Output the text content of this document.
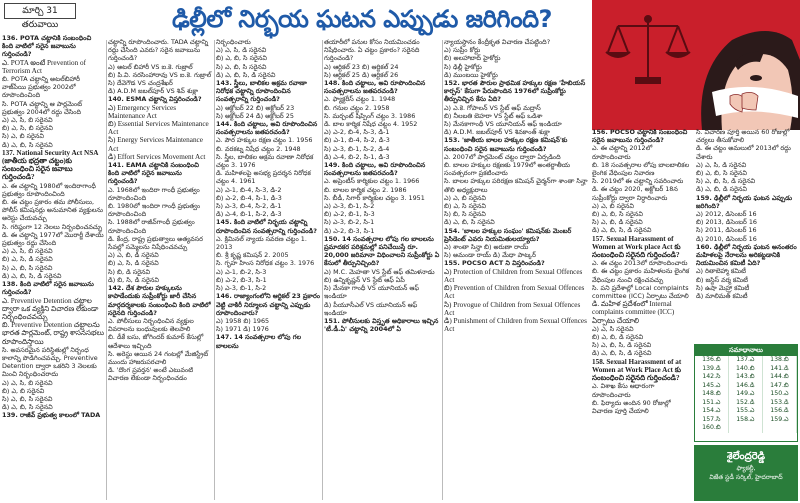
మార్చి 31 తరువాయి	ఢిల్లీలో నిర్భయ ఘటన ఎప్పుడు జరిగింది?

136. POTA చట్టానికి సంబంధించి కింది వాటిలో సరైన జవాబును గుర్తించండి?

ఎ. POTA అంటే Prevention of Terrorism Act

బి. POTA చట్టాన్ని అటల్‌బిహారీ వాజ్‌పేయి ప్రభుత్వం 2002లో రూపొందించింది

సి. POTA చట్టాన్ని ఆ పార్లమెంట్‌ ప్రభుత్వం 2004లో రద్దు చేసింది

ఎ) ఎ, సి, బి సరైనవి

బి) ఎ, సి, బి సరైనవి

సి) ఎ, బి సరైనవి

డి) ఎ, బి, సి సరైనవి

137. National Security Act NSA (జాతీయ భద్రతా చట్టం)కు సంబంధించి సరైన జవాబు గుర్తించండి?

ఎ. ఈ చట్టాన్ని 1980లో ఇందిరాగాంధీ ప్రభుత్వం రూపొందించింది

బి. ఈ చట్టం ప్రకారం తమ పోలీసులు, పోలీస్‌ కమిషనర్లు అనుమానిత వ్యక్తులను అరెస్టు చేయవచ్చు

సి. గరిష్ఠంగా 12 నెలలు నిర్బంధించవచ్చు

డి. ఈ చట్టాన్ని 1977లో మొరార్జీ దేశాయ్‌ ప్రభుత్వం రద్దు చేసింది

ఎ) ఎ, సి, బి సరైనవి

బి) ఎ, సి, డి సరైనవి

సి) ఎ, బి, సి సరైనవి

డి) ఎ, బి, సి, డి సరైనవి

138. కింది వాటిలో సరైన జవాబును గుర్తించండి?

ఎ. Preventive Detention చట్టాల ద్వారా ఒక వ్యక్తిని విచారణ లేకుండా నిర్బంధించవచ్చు

బి. Preventive Detention చట్టాలను భారత పార్లమెంట్‌, రాష్ట్ర శాసనసభలు రూపొందిస్తాయి

సి. అవసరమైన పరిస్థితుల్లో నిర్బంధ కాలాన్ని పొడిగించవచ్చు. Preventive Detention ద్వారా ఒకరిని 3 నెలలకు మించి నిర్బంధించరాదు

ఎ) ఎ, సి, బి సరైనవి

బి) ఎ, బి సరైనవి

సి) ఎ, బి, సి సరైనవి

డి) ఎ, బి, సి సరైనవి

139. రాజీవ్‌ ప్రభుత్వ కాలంలో TADA

చట్టాన్ని రూపొందించారు. TADA చట్టాన్ని రద్దు చేసింది ఎవరు? సరైన జవాబును గుర్తించండి?

ఎ) అటల్‌ బిహారీ VS ఐ.కె. గుజ్రాల్‌

బి) పి.వి. నరసింహారావు VS ఐ.కె. గుజ్రాల్‌

సి) దేవెగౌడ VS చంద్రశేఖర్‌

డి) A.D.M జబల్‌పూర్‌ VS శివ్‌ శుక్లా

140. ESMA చట్టాన్ని విస్తరించండి?

ఎ) Emergency Services Maintenance Act

బి) Essential Services Maintenance Act

సి) Energy Services Maintenance Act

డి) Effort Services Movement Act

141. EAMA చట్టానికి సంబంధించి కింది వాటిలో సరైన జవాబును గుర్తించండి?

ఎ. 1968లో ఇందిరా గాంధీ ప్రభుత్వం రూపొందించింది

బి. 1980లో ఇందిరా గాంధీ ప్రభుత్వం రూపొందించింది

సి. 1988లో రాజీవ్‌గాంధీ ప్రభుత్వం రూపొందించింది

డి. కేంద్ర, రాష్ట్ర ప్రభుత్వాలు అత్యవసర సేవల్లో సమ్మెలను నిషేధించవచ్చు

ఎ) ఎ, బి, డి సరైనవి

బి) ఎ, సి, డి సరైనవి

సి) బి, డి సరైనవి

డి) బి, సి, డి సరైనవి

142. దేశ పౌరుల హక్కులను కాపాడేందుకు సుప్రీంకోర్టు జారీ చేసిన మార్గదర్శకాలకు సంబంధించి కింది వాటిలో సరైనది గుర్తించండి?

ఎ. పోలీసులు నిర్బంధించిన వ్యక్తుల వివరాలను బంధువులకు తెలపాలి

బి. డీకే బసు, జోగిందర్‌ కుమార్‌ కేసుల్లో ఆదేశాలు ఇచ్చింది

సి. అరెస్టు అయిన 24 గంటల్లో మేజిస్ట్రేట్‌ ముందు హాజరుపరచాలి

డి. 'దొంగ ప్రవర్తన' అంటే ఎటువంటి విచారణ లేకుండా నిర్బంధించడం

నిర్బంధించారు

ఎ) ఎ, సి, డి సరైనవి

బి) ఎ, బి, సి సరైనవి

సి) ఎ, బి, సి సరైనవి

డి) ఎ, బి, సి, డి సరైనవి

143. స్త్రీలు, బాలికల అక్రమ రవాణా నిరోధక చట్టాన్ని రూపొందించిన సంవత్సరాన్ని గుర్తించండి?

ఎ) అక్టోబర్‌ 22 బి) అక్టోబర్‌ 23

సి) అక్టోబర్‌ 24 డి) అక్టోబర్‌ 25

144. కింది చట్టాలు, అవి రూపొందించిన సంవత్సరాలను జతపరచండి?

ఎ. పౌర హక్కుల రక్షణ చట్టం 1. 1956

బి. వరకట్న నిషేధ చట్టం 2. 1948

సి. స్త్రీల, బాలికల అక్రమ రవాణా నిరోధక చట్టం 3. 1976

డి. మహిళలపై అసభ్య ప్రదర్శన నిరోధక చట్టం 4. 1961

ఎ) ఎ-1, బి-4, సి-3, డి-2

బి) ఎ-2, బి-4, సి-1, డి-3

సి) ఎ-3, బి-4, సి-2, డి-1

డి) ఎ-4, బి-1, సి-2, డి-3

145. కింది వాటిలో నిర్భయ చట్టాన్ని రూపొందించిన సంవత్సరాన్ని గుర్తించండి?

ఎ. క్రిమినల్‌ న్యాయ సవరణ చట్టం 1. 2013

బి. శ్రీ కృష్ణ కమిషన్‌ 2. 2005

సి. గృహ హింస నిరోధక చట్టం 3. 1976

ఎ) ఎ-1, బి-2, సి-3

బి) ఎ-2, బి-3, సి-1

సి) ఎ-3, బి-1, సి-2

146. రాజ్యాంగంలోని ఆర్టికల్‌ 23 ప్రకారం వెట్టి చాకిరీ నిర్మూలన చట్టాన్ని ఎప్పుడు రూపొందించారు?

ఎ) 1958 బి) 1965

సి) 1971 డి) 1976

147. 14 సంవత్సరాల లోపు గల బాలలను

తయారీలో పనుల కోసం నియమించడం నిషేధించారు. ఏ చట్టం ప్రకారం? సరైనది గుర్తించండి?

ఎ) ఆర్టికల్‌ 23 బి) ఆర్టికల్‌ 24

సి) ఆర్టికల్‌ 25 డి) ఆర్టికల్‌ 26

148. కింది చట్టాలు, అవి రూపొందించిన సంవత్సరాలను జతపరచండి?

ఎ. ఫ్యాక్టరీస్‌ చట్టం 1. 1948

బి. గనుల చట్టం 2. 1958

సి. మర్చంట్‌ షిప్పింగ్‌ చట్టం 3. 1986

డి. బాల కార్మిక నిషేధ చట్టం 4. 1952

ఎ) ఎ-2, బి-4, సి-3, డి-1

బి) ఎ-1, బి-4, సి-2, డి-3

సి) ఎ-3, బి-1, సి-2, డి-4

డి) ఎ-4, బి-2, సి-1, డి-3

149. కింది చట్టాలు, అవి రూపొందించిన సంవత్సరాలను జతపరచండి?

ఎ. అప్రెంటీస్‌ కార్మికుల చట్టం 1. 1966

బి. బాలల కార్మిక చట్టం 2. 1986

సి. బీడీ, సిగార్‌ కార్మికుల చట్టం 3. 1951

ఎ) ఎ-3, బి-1, సి-2

బి) ఎ-2, బి-1, సి-3

సి) ఎ-3, బి-2, సి-1

డి) ఎ-2, బి-3, సి-1

150. 14 సంవత్సరాల లోపు గల బాలలను ప్రమాదకర పరిశ్రమల్లో పనిచేయిస్తే రూ. 20,000 జరిమానా విధించాలని సుప్రీంకోర్టు ఏ కేసులో తీర్పునిచ్చింది?

ఎ) M.C. మెహతా VS స్టేట్‌ ఆఫ్‌ తమిళనాడు

బి) ఉన్నికృష్ణన్‌ VS స్టేట్‌ ఆఫ్‌ ఏపీ

సి) మేనకా గాంధీ VS యూనియన్‌ ఆఫ్‌ ఇండియా

డి) పీయూసీఎల్‌ VS యూనియన్‌ ఆఫ్‌ ఇండియా

151. పోలీసులకు విస్తృత అధికారాలు ఇచ్చిన 'టీ.డీ.ఏ' చట్టాన్ని 2004లో ఏ

న్యాయస్థానం కేంద్రీకృత విచారణ చేపట్టింది?

ఎ) సుప్రీం కోర్టు

బి) అలహాబాద్‌ హైకోర్టు

సి) ఢిల్లీ హైకోర్టు

డి) ముంబయి హైకోర్టు

152. భారత పౌరుల ప్రాథమిక హక్కుల రక్షణ 'హేబియస్‌ కార్పస్‌' కేసుగా పేరుపొందిన 1976లో సుప్రీంకోర్టు తీర్పునిచ్చిన కేసు ఏది?

ఎ) ఎ.కె. గోపాలన్‌ VS స్టేట్‌ ఆఫ్‌ మద్రాస్‌

బి) నీలబతి బెహరా VS స్టేట్‌ ఆఫ్‌ ఒడిశా

సి) మేనకాగాంధీ VS యూనియన్‌ ఆఫ్‌ ఇండియా

డి) A.D.M. జబల్‌పూర్‌ VS శివకాంత్‌ శుక్లా

153. 'జాతీయ బాలల హక్కుల రక్షణ కమిషన్‌'కు సంబంధించి సరైన జవాబును గుర్తించండి?

ఎ. 2007లో పార్లమెంట్‌ చట్టం ద్వారా ఏర్పడింది

బి. బాలల హక్కుల రక్షణకు 1979లో అంతర్జాతీయ సంవత్సరంగా ప్రకటించారు

సి. బాలల హక్కుల పరిరక్షణ కమిషన్‌ చైర్మన్‌గా శాంతా సిన్హా తొలి అధ్యక్షురాలు

ఎ) ఎ, బి సరైనవి

బి) ఎ, సి సరైనవి

సి) బి, సి సరైనవి

డి) ఎ, బి, సి సరైనవి

154. 'బాలల హక్కుల సంఘం' కమిషన్‌కు మెంబర్‌ ప్రెసిడెంట్‌ ఎవరు నియమితులయ్యారు?

ఎ) శాంతా సిన్హా బి) అరుణా రాయ్‌

సి) అమండా రాయ్‌ డి) మేధా పాట్కర్‌

155. POCSO ACT ని విస్తరించండి?

ఎ) Protection of Children from Sexual Offences Act

బి) Prevention of Children from Sexual Offences Act

సి) Provogue of Children from Sexual Offences Act

డి) Punishment of Children from Sexual Offences Act

156. POCSO చట్టానికి సంబంధించి సరైన జవాబును గుర్తించండి?

ఎ. ఈ చట్టాన్ని 2012లో రూపొందించారు

బి. 18 సంవత్సరాల లోపు బాలబాలికల లైంగిక వేధింపుల నివారణ

సి. 2019లో ఈ చట్టాన్ని సవరించారు

డి. ఈ చట్టం 2020, అక్టోబర్‌ 18న సుప్రీంకోర్టు ద్వారా నిర్ధారించారు

ఎ) ఎ, బి సరైనవి

బి) ఎ, బి, సి సరైనవి

సి) ఎ, బి, డి సరైనవి

డి) ఎ, బి, సి, డి సరైనవి

157. Sexual Harassment of Women at Work place Act కు సంబంధించి సరైనది గుర్తించండి?

ఎ. ఈ చట్టం 2013లో రూపొందించారు

బి. ఈ చట్టం ప్రకారం మహిళలను లైంగిక వేధింపుల నుంచి రక్షించవచ్చు

సి. పని ప్రదేశాల్లో Local complaints committee (ICC) ఏర్పాటు చేయాలి

డి. మహిళ ప్రదేశంలో Internal complaints committee (ICC) ఏర్పాటు చేయాలి

ఎ) ఎ, సి సరైనవి

బి) ఎ, బి, డి సరైనవి

సి) ఎ, బి, సి, డి సరైనవి

డి) ఎ, బి, సి, డి సరైనవి

158. Sexual Harassment of at Women at Work Place Act కు సంబంధించి సరైనది గుర్తించండి?

ఎ. విశాఖ కేసు ఆధారంగా రూపొందించారు

బి. ఫిర్యాదు అందిన 90 రోజుల్లో విచారణ పూర్తి చేయాలి

సి. విచారణ పూర్తి అయిన 60 రోజుల్లో చర్యలు తీసుకోవాలి

డి. ఈ చట్టం అమలులో 2013లో రద్దు చేశారు

ఎ) ఎ, సి, డి సరైనవి

బి) ఎ, బి, సి సరైనవి

సి) ఎ, బి, సి, డి సరైనవి

డి) ఎ, బి, డి సరైనవి

159. ఢిల్లీలో నిర్భయ ఘటన ఎప్పుడు జరిగింది?

ఎ) 2012, డిసెంబర్‌ 16

బి) 2013, డిసెంబర్‌ 16

సి) 2011, డిసెంబర్‌ 16

డి) 2010, డిసెంబర్‌ 16

160. ఢిల్లీలో నిర్భయ ఘటన అనంతరం మహిళలపై నేరాలను అరికట్టడానికి నియమించిన కమిటీ ఏది?

ఎ) రితాబెహ్మా కమిటీ

బి) జస్టిస్‌ వర్మ కమిటీ

సి) ఉషా మెహ్రా కమిటీ

డి) మాలిమత్‌ కమిటీ

సమాధానాలు
136.బి	137.ఎ	138.బి
139.డి	140.బి	141.డి
142.సి	143.బి	144.బి
145.ఎ	146.డి	147.బి
148.బి	149.ఎ	150.ఎ
151.ఎ	152.డి	153.డి
154.ఎ	155.ఎ	156.డి
157.సి	158.ఎ	159.ఎ
160.బి		
శైలేంద్రరెడ్డి
ఫ్యాకల్టీ,
విజేత స్టడీ సర్కిల్‌, హైదరాబాద్‌
